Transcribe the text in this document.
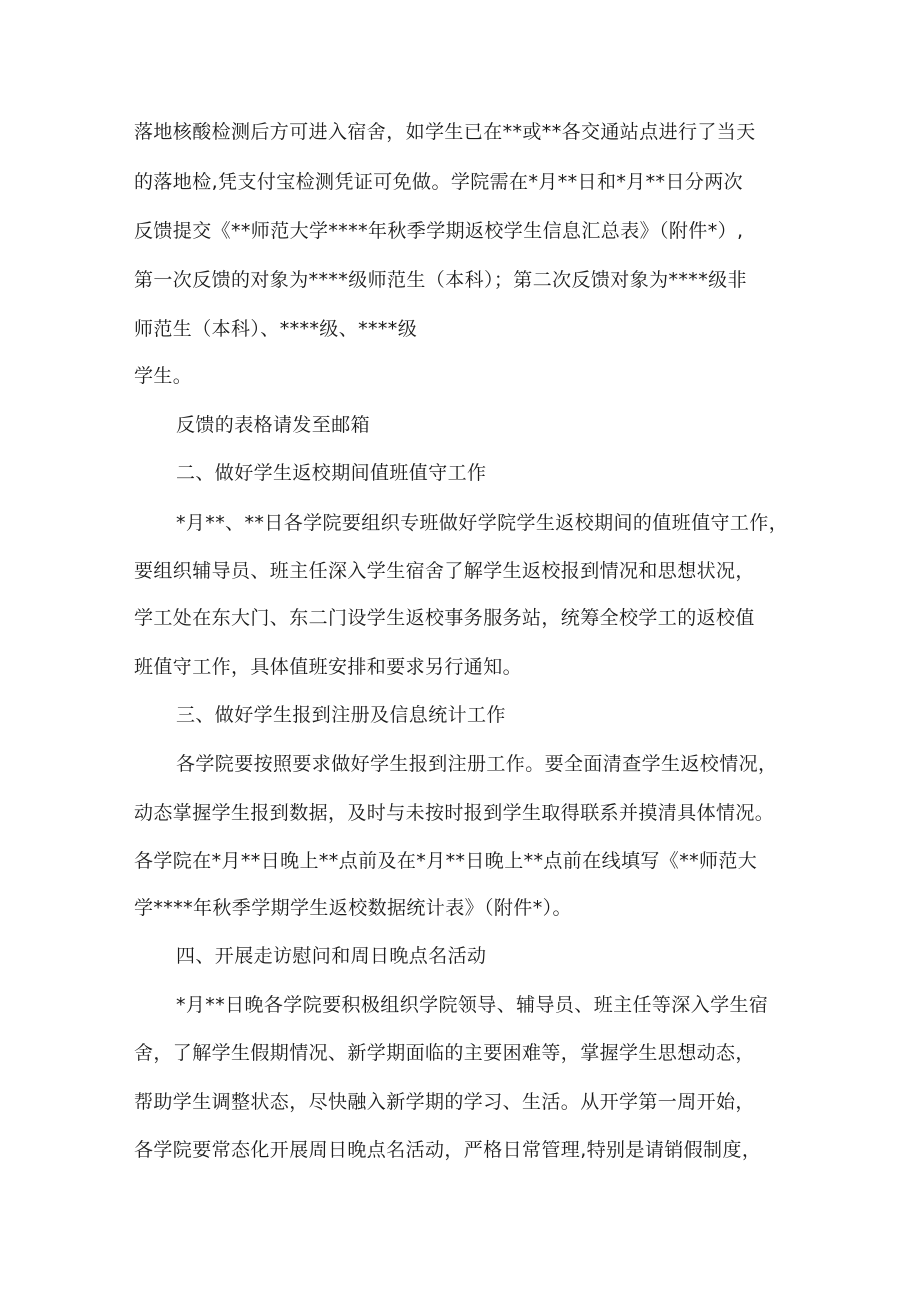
落地核酸检测后方可进入宿舍，如学生已在**或**各交通站点进行了当天
的落地检,凭支付宝检测凭证可免做。学院需在*月**日和*月**日分两次
反馈提交《**师范大学****年秋季学期返校学生信息汇总表》（附件*）,
第一次反馈的对象为****级师范生（本科）；第二次反馈对象为****级非
师范生（本科）、****级、****级
学生。
反馈的表格请发至邮箱
二、做好学生返校期间值班值守工作
*月**、**日各学院要组织专班做好学院学生返校期间的值班值守工作，
要组织辅导员、班主任深入学生宿舍了解学生返校报到情况和思想状况，
学工处在东大门、东二门设学生返校事务服务站，统筹全校学工的返校值
班值守工作，具体值班安排和要求另行通知。
三、做好学生报到注册及信息统计工作
各学院要按照要求做好学生报到注册工作。要全面清查学生返校情况，
动态掌握学生报到数据，及时与未按时报到学生取得联系并摸清具体情况。
各学院在*月**日晚上**点前及在*月**日晚上**点前在线填写《**师范大
学****年秋季学期学生返校数据统计表》（附件*）。
四、开展走访慰问和周日晚点名活动
*月**日晚各学院要积极组织学院领导、辅导员、班主任等深入学生宿
舍，了解学生假期情况、新学期面临的主要困难等，掌握学生思想动态，
帮助学生调整状态，尽快融入新学期的学习、生活。从开学第一周开始，
各学院要常态化开展周日晚点名活动，严格日常管理,特别是请销假制度，
